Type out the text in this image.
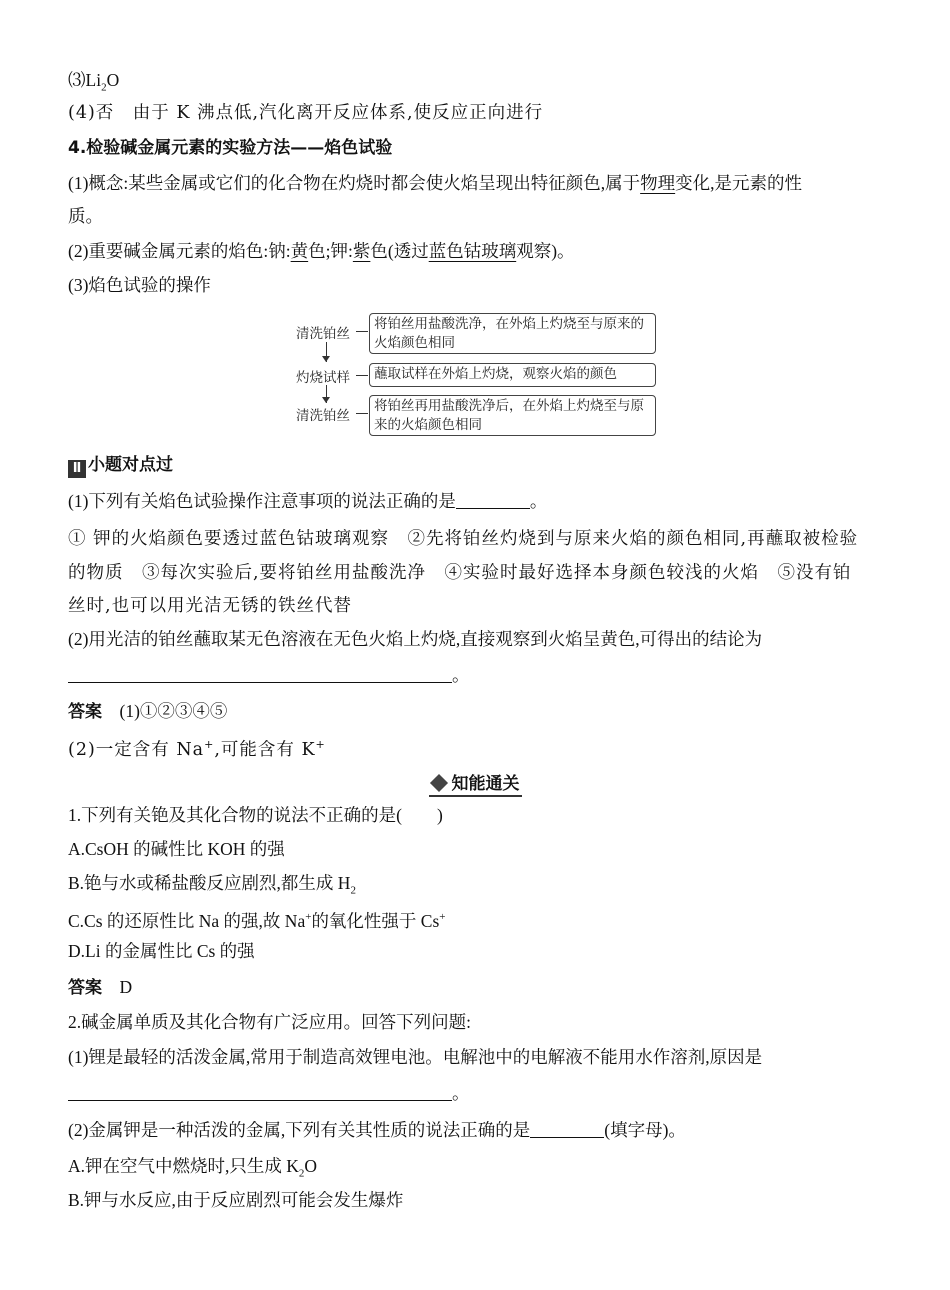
$⑶Li_2O$
(4)否　由于 K 沸点低,汽化离开反应体系,使反应正向进行
4.检验碱金属元素的实验方法——焰色试验
(1)概念:某些金属或它们的化合物在灼烧时都会使火焰呈现出特征颜色,属于物理变化,是元素的性
质。
(2)重要碱金属元素的焰色:钠:黄色;钾:紫色(透过蓝色钴玻璃观察)。
(3)焰色试验的操作
清洗铂丝
将铂丝用盐酸洗净，在外焰上灼烧至与原来的火焰颜色相同
灼烧试样	蘸取试样在外焰上灼烧，观察火焰的颜色
清洗铂丝
将铂丝再用盐酸洗净后，在外焰上灼烧至与原来的火焰颜色相同
Ⅱ 小题对点过
(1)下列有关焰色试验操作注意事项的说法正确的是	。
① 钾的火焰颜色要透过蓝色钴玻璃观察　②先将铂丝灼烧到与原来火焰的颜色相同,再蘸取被检验
的物质　③每次实验后,要将铂丝用盐酸洗净　④实验时最好选择本身颜色较浅的火焰　⑤没有铂
丝时,也可以用光洁无锈的铁丝代替
(2)用光洁的铂丝蘸取某无色溶液在无色火焰上灼烧,直接观察到火焰呈黄色,可得出的结论为
。
答案　 (1)①②③④⑤
(2)一定含有 Na+,可能含有 K+
知能通关
1.下列有关铯及其化合物的说法不正确的是(　　)
A.CsOH 的碱性比 KOH 的强
B.铯与水或稀盐酸反应剧烈,都生成 $H_2$
C.Cs 的还原性比 Na 的强,故 Na+的氧化性强于 Cs+
D.Li 的金属性比 Cs 的强
答案　 D
2.碱金属单质及其化合物有广泛应用。回答下列问题:
(1)锂是最轻的活泼金属,常用于制造高效锂电池。电解池中的电解液不能用水作溶剂,原因是
。
(2)金属钾是一种活泼的金属,下列有关其性质的说法正确的是	(填字母)。
A.钾在空气中燃烧时,只生成 $K_2O$
B.钾与水反应,由于反应剧烈可能会发生爆炸
